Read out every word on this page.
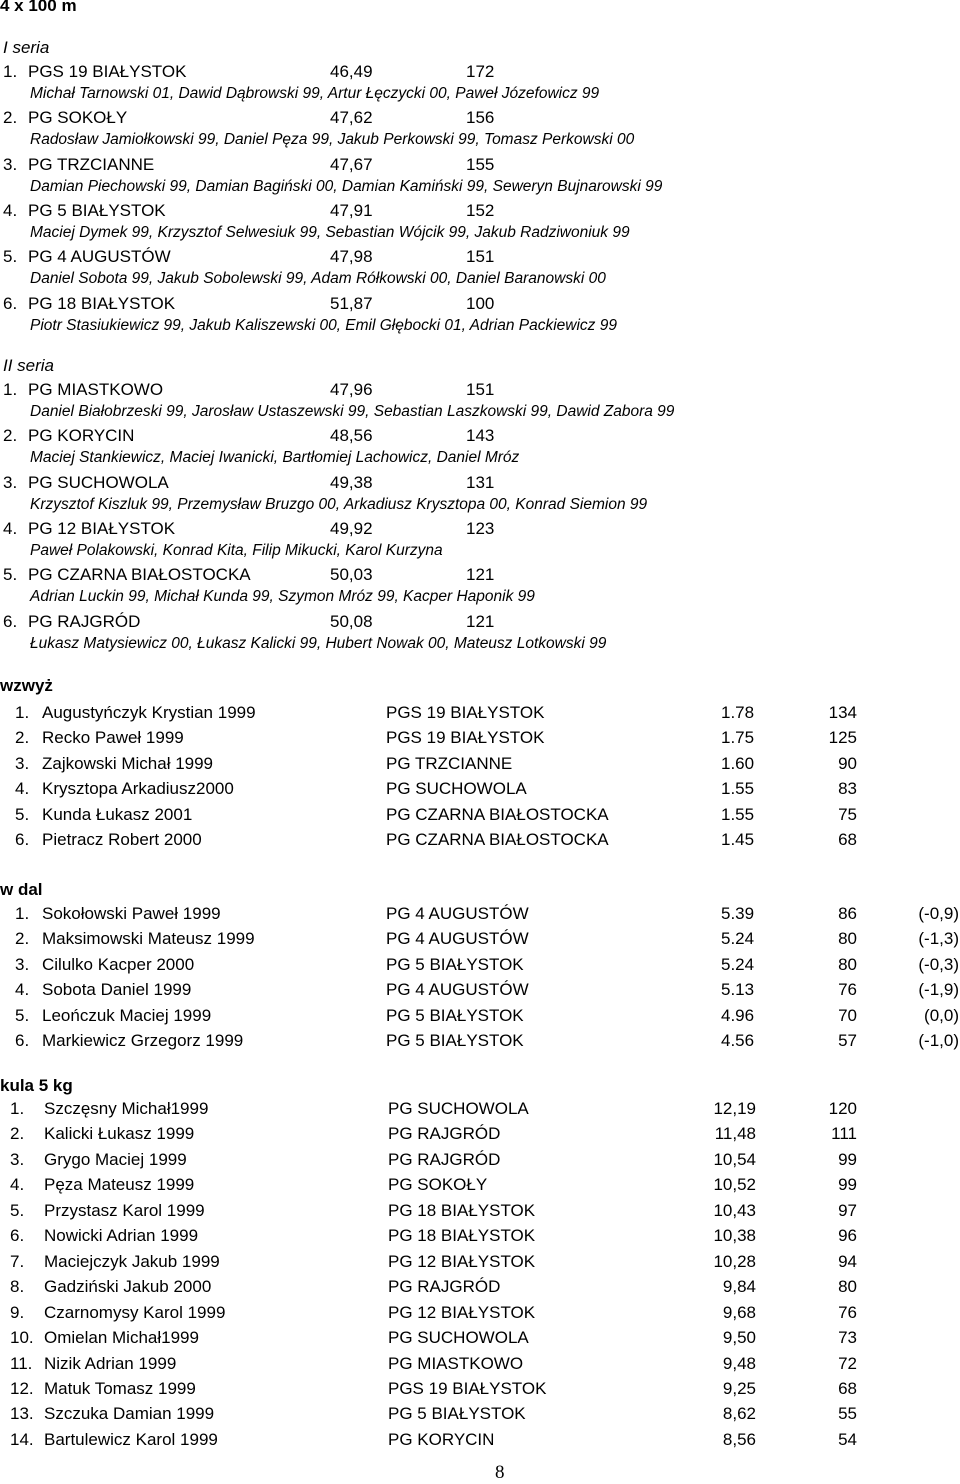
4 x 100 m
wzwyż
w dal
kula 5 kg
8
I seria
1. PGS 19 BIAŁYSTOK	46,49	172
Michał Tarnowski 01, Dawid Dąbrowski 99, Artur Łęczycki 00, Paweł Józefowicz 99
2. PG SOKOŁY	47,62	156
Radosław Jamiołkowski 99, Daniel Pęza 99, Jakub Perkowski 99, Tomasz Perkowski 00
3. PG TRZCIANNE	47,67	155
Damian Piechowski 99, Damian Bagiński 00, Damian Kamiński 99, Seweryn Bujnarowski 99
4. PG 5 BIAŁYSTOK	47,91	152
Maciej Dymek 99, Krzysztof Selwesiuk 99, Sebastian Wójcik 99, Jakub Radziwoniuk 99
5. PG 4 AUGUSTÓW	47,98	151
Daniel Sobota 99, Jakub Sobolewski 99, Adam Rółkowski 00, Daniel Baranowski 00
6. PG 18 BIAŁYSTOK	51,87	100
Piotr Stasiukiewicz 99, Jakub Kaliszewski 00, Emil Głębocki 01, Adrian Packiewicz 99
II seria
1. PG MIASTKOWO	47,96	151
Daniel Białobrzeski 99, Jarosław Ustaszewski 99, Sebastian Laszkowski 99, Dawid Zabora 99
2. PG KORYCIN	48,56	143
Maciej Stankiewicz, Maciej Iwanicki, Bartłomiej Lachowicz, Daniel Mróz
3. PG SUCHOWOLA	49,38	131
Krzysztof Kiszluk 99, Przemysław Bruzgo 00, Arkadiusz Krysztopa 00, Konrad Siemion 99
4. PG 12 BIAŁYSTOK	49,92	123
Paweł Polakowski, Konrad Kita, Filip Mikucki, Karol Kurzyna
5. PG CZARNA BIAŁOSTOCKA	50,03	121
Adrian Luckin 99, Michał Kunda 99, Szymon Mróz 99, Kacper Haponik 99
6. PG RAJGRÓD	50,08	121
Łukasz Matysiewicz 00, Łukasz Kalicki 99, Hubert Nowak 00, Mateusz Lotkowski 99
1. Augustyńczyk Krystian 1999	PGS 19 BIAŁYSTOK	1.78	134
2. Recko Paweł 1999	PGS 19 BIAŁYSTOK	1.75	125
3. Zajkowski Michał 1999	PG TRZCIANNE	1.60	90
4. Krysztopa Arkadiusz2000	PG SUCHOWOLA	1.55	83
5. Kunda Łukasz 2001	PG CZARNA BIAŁOSTOCKA	1.55	75
6. Pietracz Robert 2000	PG CZARNA BIAŁOSTOCKA	1.45	68
1. Sokołowski Paweł 1999	PG 4 AUGUSTÓW	5.39	86	(-0,9)
2. Maksimowski Mateusz 1999	PG 4 AUGUSTÓW	5.24	80	(-1,3)
3. Cilulko Kacper 2000	PG 5 BIAŁYSTOK	5.24	80	(-0,3)
4. Sobota Daniel 1999	PG 4 AUGUSTÓW	5.13	76	(-1,9)
5. Leończuk Maciej 1999	PG 5 BIAŁYSTOK	4.96	70	(0,0)
6. Markiewicz Grzegorz 1999	PG 5 BIAŁYSTOK	4.56	57	(-1,0)
1. Szczęsny Michał1999	PG SUCHOWOLA	12,19	120
2. Kalicki Łukasz 1999	PG RAJGRÓD	11,48	111
3. Grygo Maciej 1999	PG RAJGRÓD	10,54	99
4. Pęza Mateusz 1999	PG SOKOŁY	10,52	99
5. Przystasz Karol 1999	PG 18 BIAŁYSTOK	10,43	97
6. Nowicki Adrian 1999	PG 18 BIAŁYSTOK	10,38	96
7. Maciejczyk Jakub 1999	PG 12 BIAŁYSTOK	10,28	94
8. Gadziński Jakub 2000	PG RAJGRÓD	9,84	80
9. Czarnomysy Karol 1999	PG 12 BIAŁYSTOK	9,68	76
10. Omielan Michał1999	PG SUCHOWOLA	9,50	73
11. Nizik Adrian 1999	PG MIASTKOWO	9,48	72
12. Matuk Tomasz 1999	PGS 19 BIAŁYSTOK	9,25	68
13. Szczuka Damian 1999	PG 5 BIAŁYSTOK	8,62	55
14. Bartulewicz Karol 1999	PG KORYCIN	8,56	54
